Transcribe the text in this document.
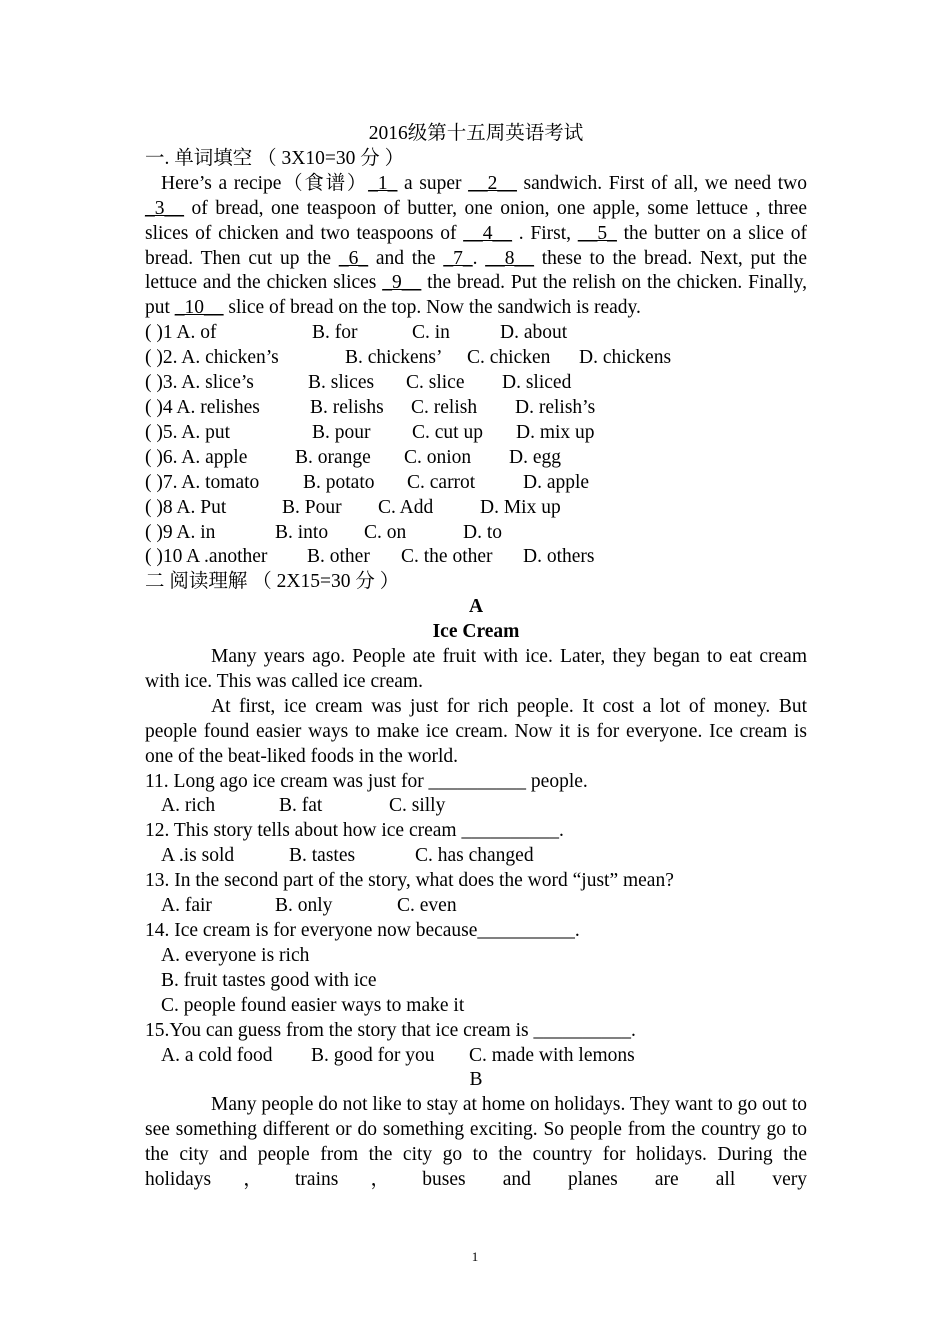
2016级第十五周英语考试
一. 单词填空 （ 3X10=30 分 ）
Here’s a recipe（食谱）_1_ a super __2__ sandwich. First of all, we need two _3__ of bread, one teaspoon of butter, one onion, one apple, some lettuce , three slices of chicken and two teaspoons of __4__ . First, __5_ the butter on a slice of bread. Then cut up the _6_ and the _7_. __8__ these to the bread. Next, put the lettuce and the chicken slices _9__ the bread. Put the relish on the chicken. Finally, put _10__ slice of bread on the top. Now the sandwich is ready.
( )1 A. of	B. for	C. in	D. about
( )2. A. chicken’s	B. chickens’	C. chicken	D. chickens
( )3. A. slice’s	B. slices	C. slice	D. sliced
( )4 A. relishes	B. relishs	C. relish	D. relish’s
( )5. A. put	B. pour	C. cut up	D. mix up
( )6. A. apple	B. orange	C. onion	D. egg
( )7. A. tomato	B. potato	C. carrot	D. apple
( )8 A. Put	B. Pour	C. Add	D. Mix up
( )9 A. in	B. into	C. on	D. to
( )10 A .another	B. other	C. the other	D. others
二 阅读理解 （ 2X15=30 分 ）
A
Ice Cream
Many years ago. People ate fruit with ice. Later, they began to eat cream with ice. This was called ice cream.
At first, ice cream was just for rich people. It cost a lot of money. But people found easier ways to make ice cream. Now it is for everyone. Ice cream is one of the beat-liked foods in the world.
11. Long ago ice cream was just for __________ people.
A. rich	B. fat	C. silly
12. This story tells about how ice cream __________.
A .is sold	B. tastes	C. has changed
13. In the second part of the story, what does the word “just” mean?
A. fair	B. only	C. even
14. Ice cream is for everyone now because__________.
A. everyone is rich
B. fruit tastes good with ice
C. people found easier ways to make it
15.You can guess from the story that ice cream is __________.
A. a cold food	B. good for you	C. made with lemons
B
Many people do not like to stay at home on holidays. They want to go out to see something different or do something exciting. So people from the country go to the city and people from the city go to the country for holidays. During the holidays，trains，buses and planes are all very
1
